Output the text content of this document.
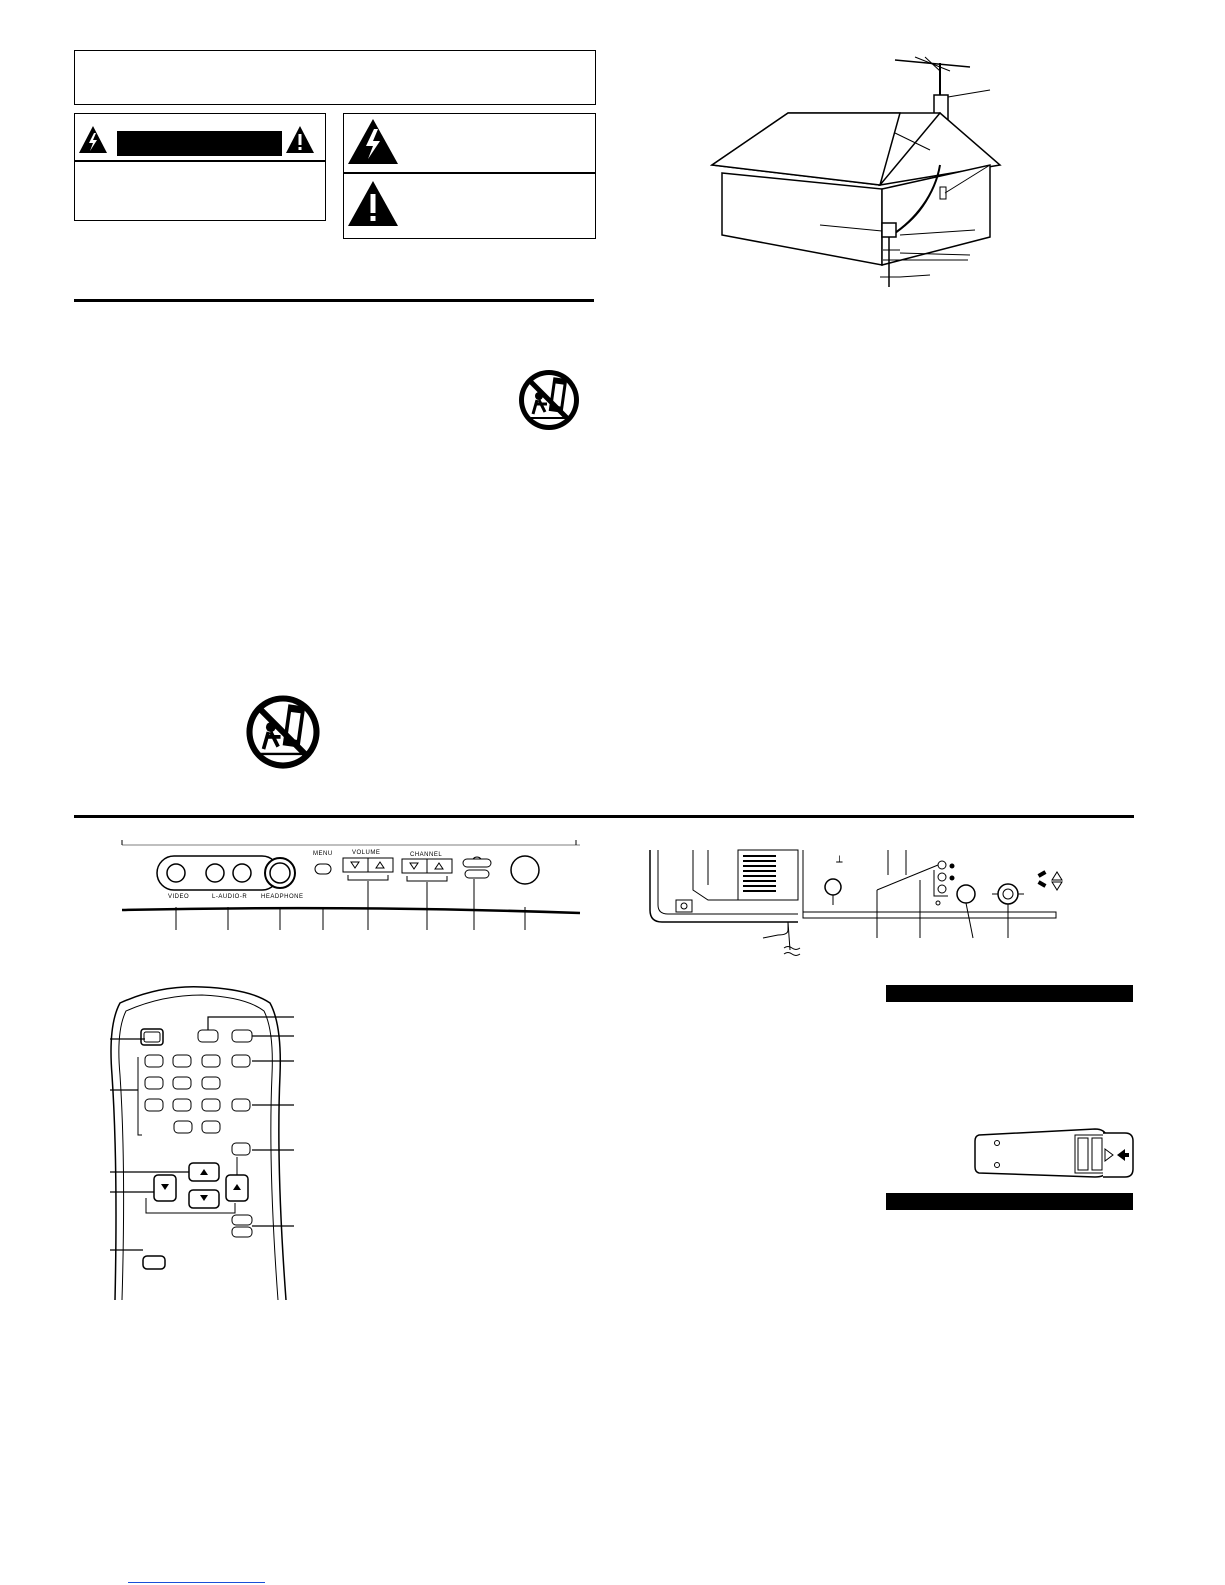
VIDEO	L-AUDIO-R HEADPHONE
MENU	VOLUME	CHANNEL	⟂
